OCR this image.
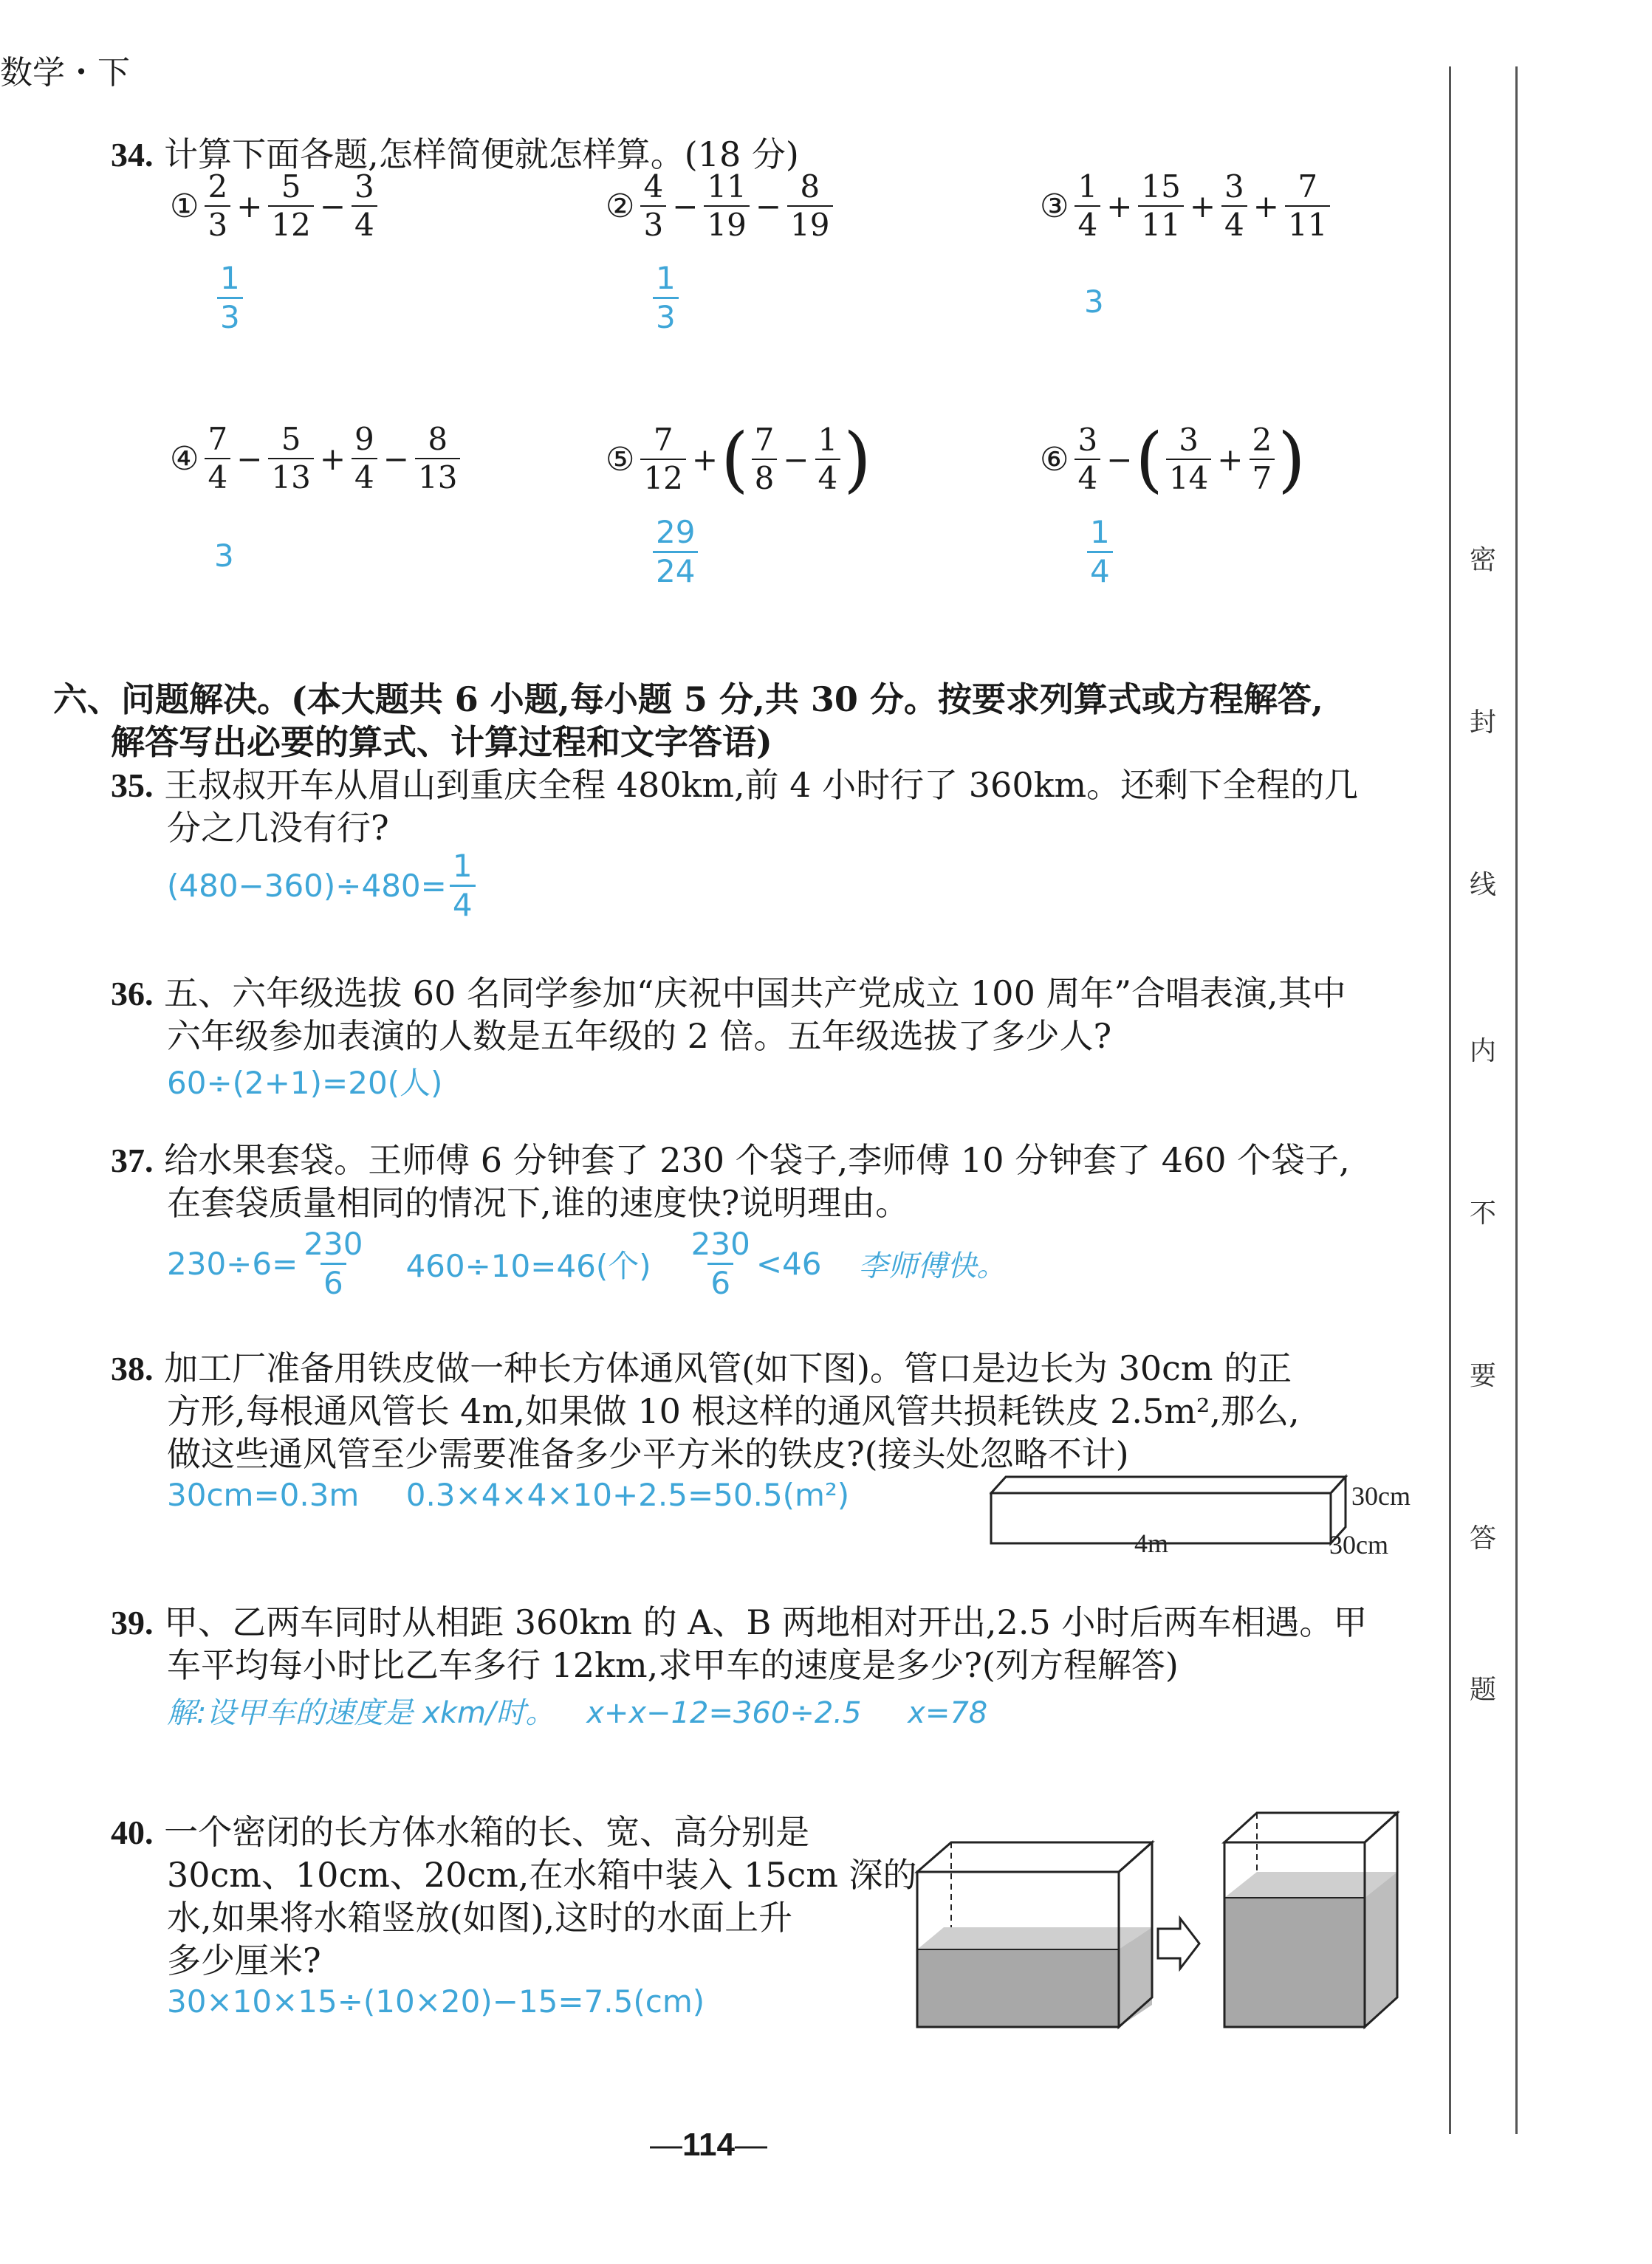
数学・下
密
封
线
内
不
要
答
题
34. 计算下面各题,怎样简便就怎样算。(18 分)
① $\frac{2}{3} + \frac{5}{12} - \frac{3}{4}$
$\frac{1}{3}$
② $\frac{4}{3} - \frac{11}{19} - \frac{8}{19}$
$\frac{1}{3}$
③ $\frac{1}{4} + \frac{15}{11} + \frac{3}{4} + \frac{7}{11}$
3
④ $\frac{7}{4} - \frac{5}{13} + \frac{9}{4} - \frac{8}{13}$
3
⑤ $\frac{7}{12}$ + ( $\frac{7}{8} - \frac{1}{4}$ )
$\frac{29}{24}$
⑥ $\frac{3}{4}$ − ( $\frac{3}{14} + \frac{2}{7}$ )
$\frac{1}{4}$
六、问题解决。(本大题共 6 小题,每小题 5 分,共 30 分。按要求列算式或方程解答,
解答写出必要的算式、计算过程和文字答语)
35. 王叔叔开车从眉山到重庆全程 480km,前 4 小时行了 360km。还剩下全程的几
分之几没有行?
$(480-360)\div 480= \frac{1}{4}$
36. 五、六年级选拔 60 名同学参加“庆祝中国共产党成立 100 周年”合唱表演,其中
六年级参加表演的人数是五年级的 2 倍。五年级选拔了多少人?
60÷(2+1)=20(人)
37. 给水果套袋。王师傅 6 分钟套了 230 个袋子,李师傅 10 分钟套了 460 个袋子,
在套袋质量相同的情况下,谁的速度快?说明理由。
$230\div 6= \frac{230}{6} 460\div 10=46$(个) $\frac{230}{6} <46$ 李师傅快。
38. 加工厂准备用铁皮做一种长方体通风管(如下图)。管口是边长为 30cm 的正
方形,每根通风管长 4m,如果做 10 根这样的通风管共损耗铁皮 2.5m²,那么,
做这些通风管至少需要准备多少平方米的铁皮?(接头处忽略不计)
30cm=0.3m 0.3×4×4×10+2.5=50.5(m²)
4m
30cm
30cm
39. 甲、乙两车同时从相距 360km 的 A、B 两地相对开出,2.5 小时后两车相遇。甲
车平均每小时比乙车多行 12km,求甲车的速度是多少?(列方程解答)
解:设甲车的速度是 xkm/时。 x+x−12=360÷2.5 x=78
40. 一个密闭的长方体水箱的长、宽、高分别是
30cm、10cm、20cm,在水箱中装入 15cm 深的
水,如果将水箱竖放(如图),这时的水面上升
多少厘米?
30×10×15÷(10×20)−15=7.5(cm)
—114—
